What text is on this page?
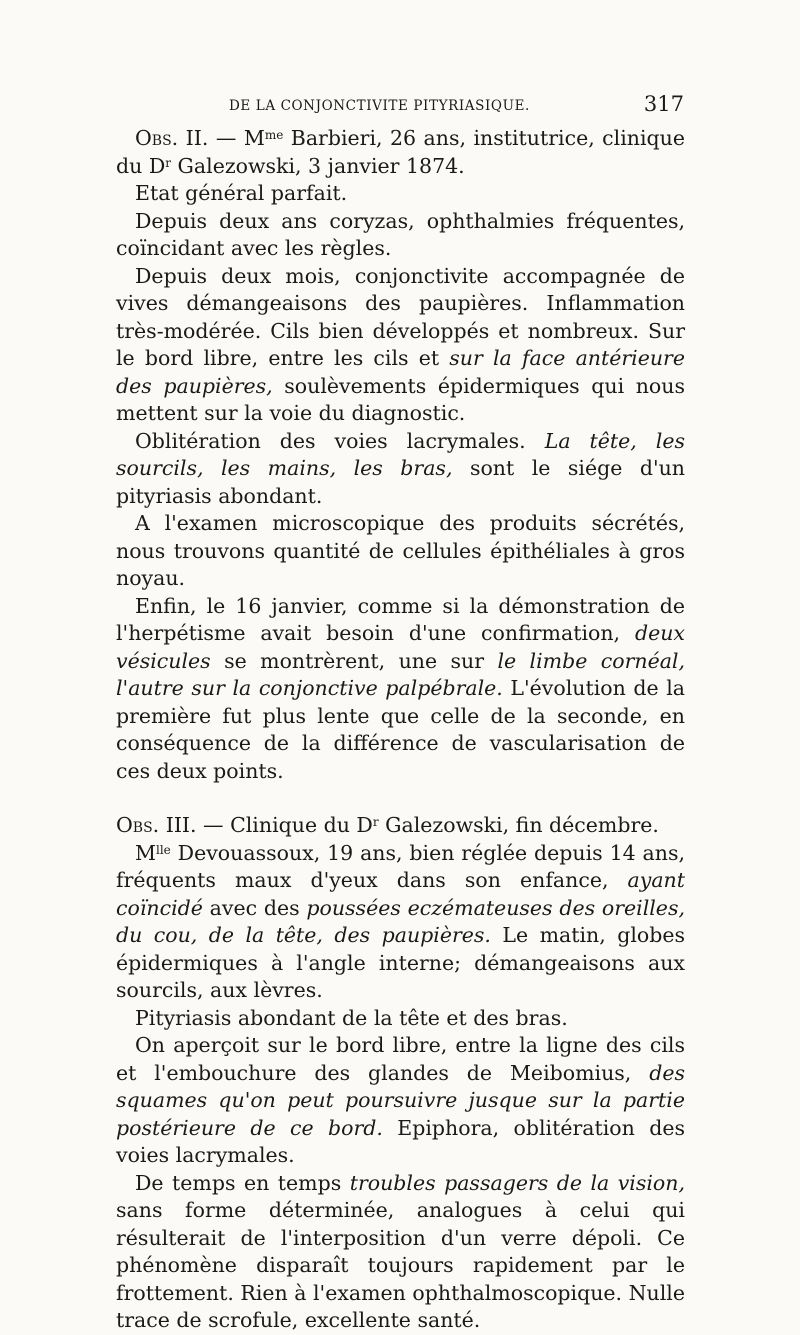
DE LA CONJONCTIVITE PITYRIASIQUE.	317

Obs. II. — $M^{me}$ Barbieri, 26 ans, institutrice, clinique du $D^r$ Galezowski, 3 janvier 1874.

Etat général parfait.

Depuis deux ans coryzas, ophthalmies fréquentes, coïncidant avec les règles.

Depuis deux mois, conjonctivite accompagnée de vives démangeaisons des paupières. Inflammation très-modérée. Cils bien développés et nombreux. Sur le bord libre, entre les cils et sur la face antérieure des paupières, soulèvements épidermiques qui nous mettent sur la voie du diagnostic.

Oblitération des voies lacrymales. La tête, les sourcils, les mains, les bras, sont le siége d'un pityriasis abondant.

A l'examen microscopique des produits sécrétés, nous trouvons quantité de cellules épithéliales à gros noyau.

Enfin, le 16 janvier, comme si la démonstration de l'herpétisme avait besoin d'une confirmation, deux vésicules se montrèrent, une sur le limbe cornéal, l'autre sur la conjonctive palpébrale. L'évolution de la première fut plus lente que celle de la seconde, en conséquence de la différence de vascularisation de ces deux points.

Obs. III. — Clinique du $D^r$ Galezowski, fin décembre.

$M^{lle}$ Devouassoux, 19 ans, bien réglée depuis 14 ans, fréquents maux d'yeux dans son enfance, ayant coïncidé avec des poussées eczémateuses des oreilles, du cou, de la tête, des paupières. Le matin, globes épidermiques à l'angle interne; démangeaisons aux sourcils, aux lèvres.

Pityriasis abondant de la tête et des bras.

On aperçoit sur le bord libre, entre la ligne des cils et l'embouchure des glandes de Meibomius, des squames qu'on peut poursuivre jusque sur la partie postérieure de ce bord. Epiphora, oblitération des voies lacrymales.

De temps en temps troubles passagers de la vision, sans forme déterminée, analogues à celui qui résulterait de l'interposition d'un verre dépoli. Ce phénomène disparaît toujours rapidement par le frottement. Rien à l'examen ophthalmoscopique. Nulle trace de scrofule, excellente santé.
